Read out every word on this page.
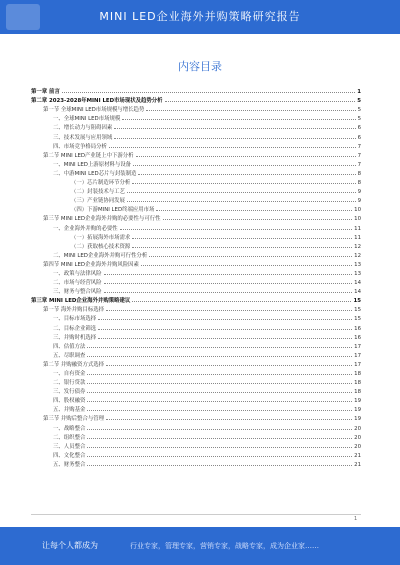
MINI LED企业海外并购策略研究报告
内容目录
第一章 前言	1
第二章 2023-2028年MINI LED市场现状及趋势分析	5
第一节 全球MINI LED市场规模与增长趋势	5
一、全球MINI LED市场规模	5
二、增长动力与阻碍因素	6
三、技术发展与应用领域	6
四、市场竞争格局分析	7
第二节 MINI LED产业链上中下游分析	7
一、MINI LED上游原材料与设备	7
二、中游MINI LED芯片与封装制造	8
（一）芯片制造环节分析	8
（二）封装技术与工艺	9
（三）产业链协同发展	9
（四）下游MINI LED终端应用市场	10
第三节 MINI LED企业海外并购的必要性与可行性	10
一、企业海外并购的必要性	11
（一）拓展海外市场需求	11
（二）获取核心技术资源	12
二、MINI LED企业海外并购可行性分析	12
第四节 MINI LED企业海外并购风险因素	13
一、政策与法律风险	13
二、市场与经营风险	14
三、财务与整合风险	14
第三章 MINI LED企业海外并购策略建议	15
第一节 海外并购目标选择	15
一、目标市场选择	15
二、目标企业筛选	16
三、并购时机选择	16
四、估值方法	17
五、尽职调查	17
第二节 并购融资方式选择	17
一、自有资金	18
二、银行贷款	18
三、发行债券	18
四、股权融资	19
五、并购基金	19
第三节 并购后整合与管理	19
一、战略整合	20
二、组织整合	20
三、人员整合	20
四、文化整合	21
五、财务整合	21
1
让每个人都成为	行业专家，管理专家，营销专家，战略专家，成为企业家……
